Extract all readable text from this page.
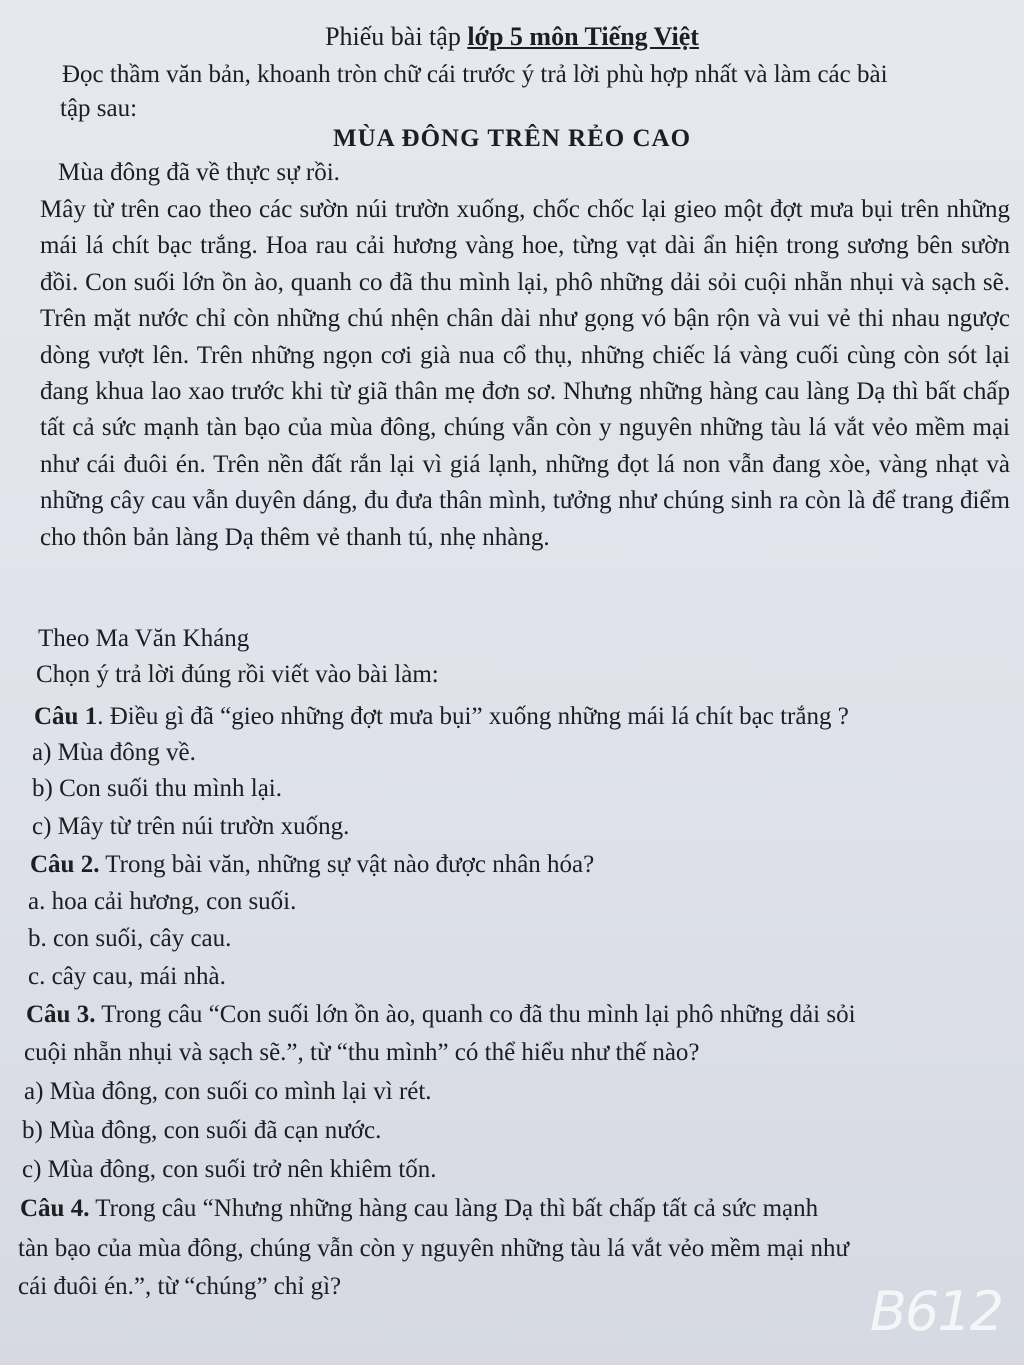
Phiếu bài tập lớp 5 môn Tiếng Việt
Đọc thầm văn bản, khoanh tròn chữ cái trước ý trả lời phù hợp nhất và làm các bài
tập sau:
MÙA ĐÔNG TRÊN RẺO CAO
Mùa đông đã về thực sự rồi.
Mây từ trên cao theo các sườn núi trườn xuống, chốc chốc lại gieo một đợt mưa bụi trên những mái lá chít bạc trắng. Hoa rau cải hương vàng hoe, từng vạt dài ẩn hiện trong sương bên sườn đồi. Con suối lớn ồn ào, quanh co đã thu mình lại, phô những dải sỏi cuội nhẵn nhụi và sạch sẽ. Trên mặt nước chỉ còn những chú nhện chân dài như gọng vó bận rộn và vui vẻ thi nhau ngược dòng vượt lên. Trên những ngọn cơi già nua cổ thụ, những chiếc lá vàng cuối cùng còn sót lại đang khua lao xao trước khi từ giã thân mẹ đơn sơ. Nhưng những hàng cau làng Dạ thì bất chấp tất cả sức mạnh tàn bạo của mùa đông, chúng vẫn còn y nguyên những tàu lá vắt vẻo mềm mại như cái đuôi én. Trên nền đất rắn lại vì giá lạnh, những đọt lá non vẫn đang xòe, vàng nhạt và những cây cau vẫn duyên dáng, đu đưa thân mình, tưởng như chúng sinh ra còn là để trang điểm cho thôn bản làng Dạ thêm vẻ thanh tú, nhẹ nhàng.
Theo Ma Văn Kháng
Chọn ý trả lời đúng rồi viết vào bài làm:
Câu 1. Điều gì đã “gieo những đợt mưa bụi” xuống những mái lá chít bạc trắng ?
a) Mùa đông về.
b) Con suối thu mình lại.
c) Mây từ trên núi trườn xuống.
Câu 2. Trong bài văn, những sự vật nào được nhân hóa?
a. hoa cải hương, con suối.
b. con suối, cây cau.
c. cây cau, mái nhà.
Câu 3. Trong câu “Con suối lớn ồn ào, quanh co đã thu mình lại phô những dải sỏi
cuội nhẵn nhụi và sạch sẽ.”, từ “thu mình” có thể hiểu như thế nào?
a) Mùa đông, con suối co mình lại vì rét.
b) Mùa đông, con suối đã cạn nước.
c) Mùa đông, con suối trở nên khiêm tốn.
Câu 4. Trong câu “Nhưng những hàng cau làng Dạ thì bất chấp tất cả sức mạnh
tàn bạo của mùa đông, chúng vẫn còn y nguyên những tàu lá vắt vẻo mềm mại như
cái đuôi én.”, từ “chúng” chỉ gì?	B612
